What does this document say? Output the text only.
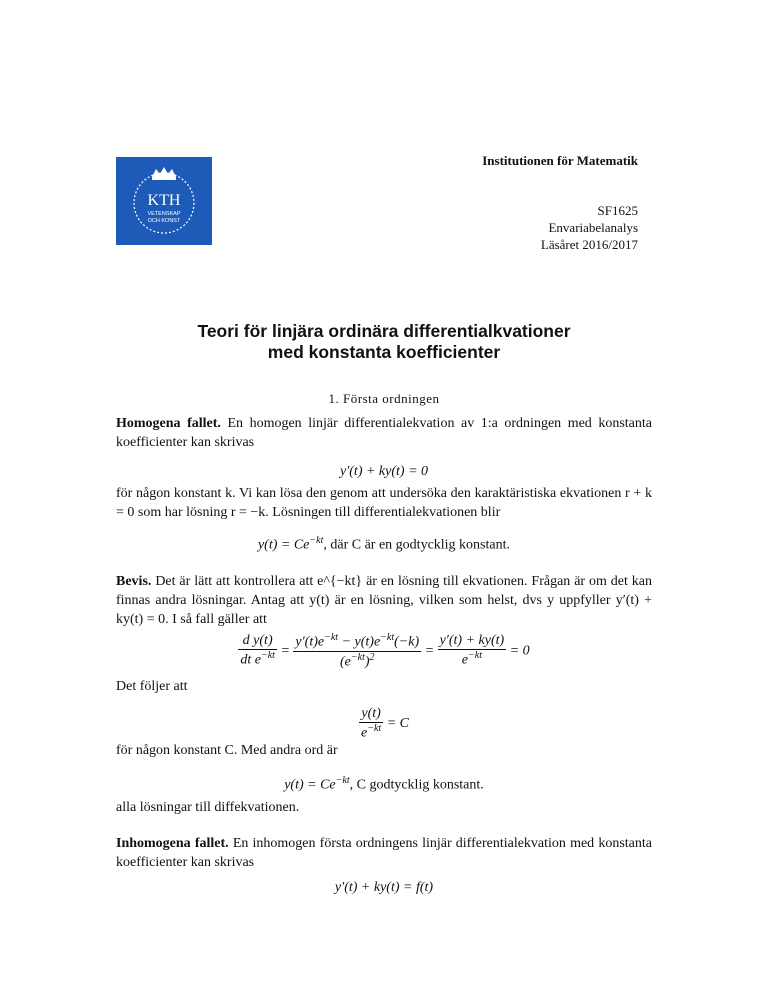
KTH
VETENSKAP
OCH KONST
Institutionen för Matematik
SF1625
Envariabelanalys
Läsåret 2016/2017
Teori för linjära ordinära differentialkvationer
med konstanta koefficienter
1. Första ordningen
Homogena fallet. En homogen linjär differentialekvation av 1:a ordningen med konstanta koefficienter kan skrivas
y′(t) + ky(t) = 0
för någon konstant k. Vi kan lösa den genom att undersöka den karaktäristiska ekvationen r + k = 0 som har lösning r = −k. Lösningen till differentialekvationen blir
$y(t) = Ce^{-kt}$, där C är en godtycklig konstant.
Bevis. Det är lätt att kontrollera att e^{−kt} är en lösning till ekvationen. Frågan är om det kan finnas andra lösningar. Antag att y(t) är en lösning, vilken som helst, dvs y uppfyller y′(t) + ky(t) = 0. I så fall gäller att
$\frac{\text{d y(t)}}{dt e^{-kt}} = \frac{y'(t)e^{-kt} - y(t)e^{-kt}(-k)}{(e^{-kt})^2} = \frac{y'(t) + ky(t)}{e^{-kt}} = 0$
Det följer att
$\frac{y(t)}{e^{-kt}} = C$
för någon konstant C. Med andra ord är
$y(t) = Ce^{-kt}$, C godtycklig konstant.
alla lösningar till diffekvationen.
Inhomogena fallet. En inhomogen första ordningens linjär differentialekvation med konstanta koefficienter kan skrivas
y′(t) + ky(t) = f(t)
